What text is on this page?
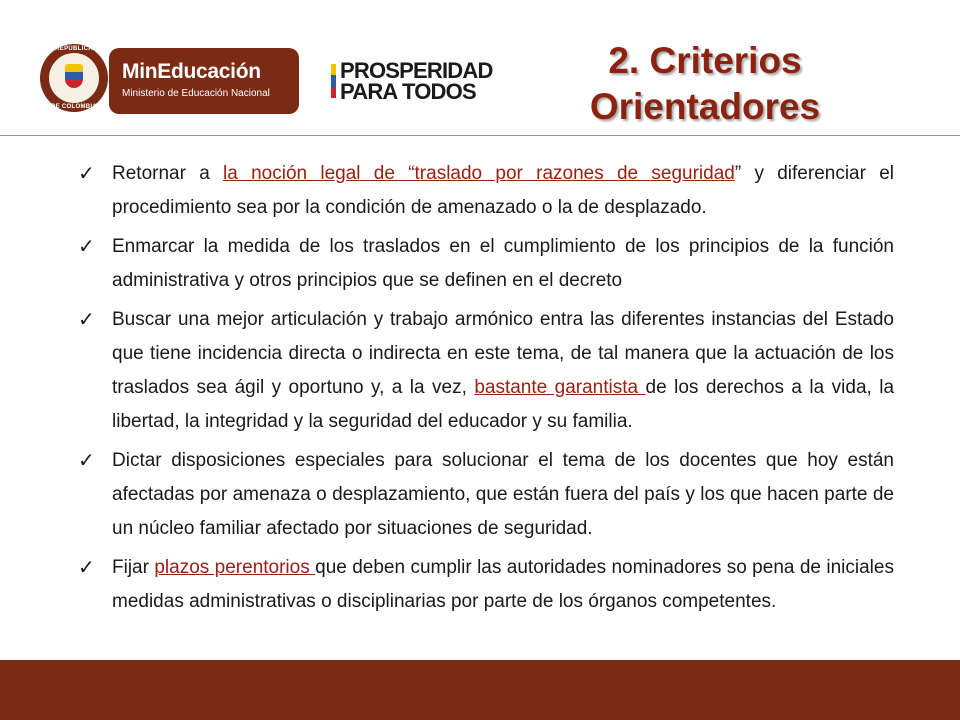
REPÚBLICA
DE COLOMBIA
MinEducación
Ministerio de Educación Nacional
PROSPERIDAD
PARA TODOS
2. Criterios
Orientadores
✓ Retornar a la noción legal de “traslado por razones de seguridad” y diferenciar el procedimiento sea por la condición de amenazado o la de desplazado.
✓ Enmarcar la medida de los traslados en el cumplimiento de los principios de la función administrativa y otros principios que se definen en el decreto
✓ Buscar una mejor articulación y trabajo armónico entra las diferentes instancias del Estado que tiene incidencia directa o indirecta en este tema, de tal manera que la actuación de los traslados sea ágil y oportuno y, a la vez, bastante garantista de los derechos a la vida, la libertad, la integridad y la seguridad del educador y su familia.
✓ Dictar disposiciones especiales para solucionar el tema de los docentes que hoy están afectadas por amenaza o desplazamiento, que están fuera del país y los que hacen parte de un núcleo familiar afectado por situaciones de seguridad.
✓ Fijar plazos perentorios que deben cumplir las autoridades nominadores so pena de iniciales medidas administrativas o disciplinarias por parte de los órganos competentes.
